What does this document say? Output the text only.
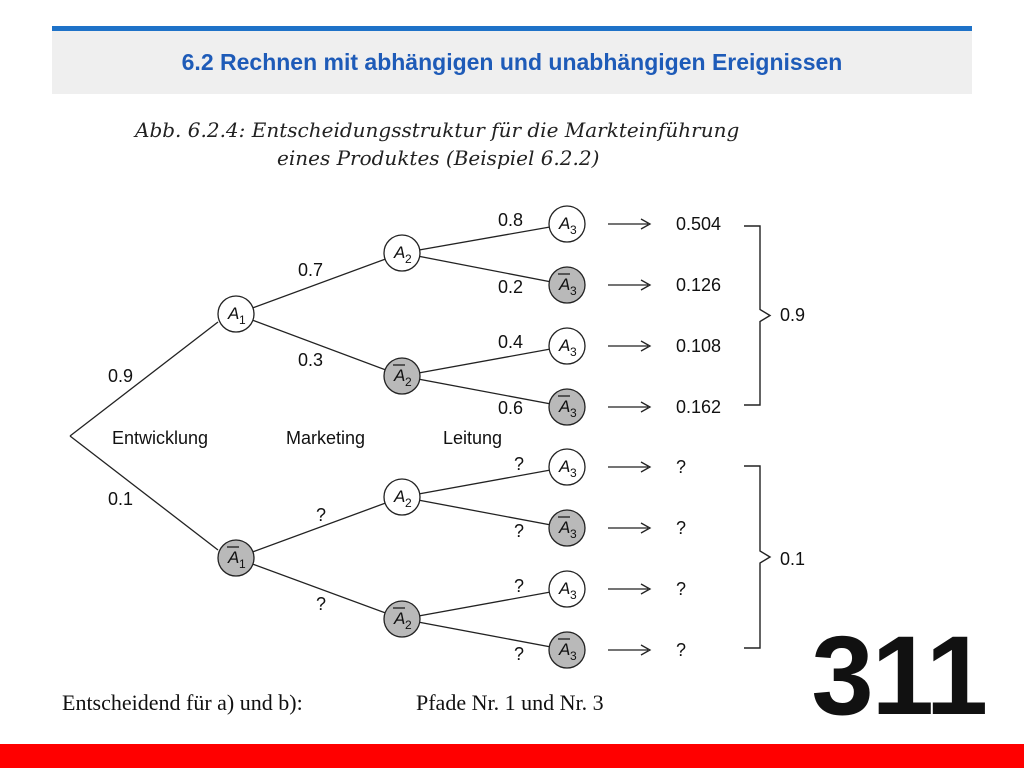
6.2 Rechnen mit abhängigen und unabhängigen Ereignissen
Abb. 6.2.4: Entscheidungsstruktur für die Markteinführung
eines Produktes (Beispiel 6.2.2)
0.9
0.1
0.7
0.3
?
?
0.8
0.2
0.4
0.6
?
?
?
?
A 1
A 1
A 2
A 2
A 2
A 2
A 3
A 3
A 3
A 3
A 3
A 3
A 3
A 3
0.504
0.126
0.108
0.162
?
?
?
?
Entwicklung	Marketing	Leitung
0.9
0.1
Entscheidend für a) und b):	Pfade Nr. 1 und Nr. 3 311
